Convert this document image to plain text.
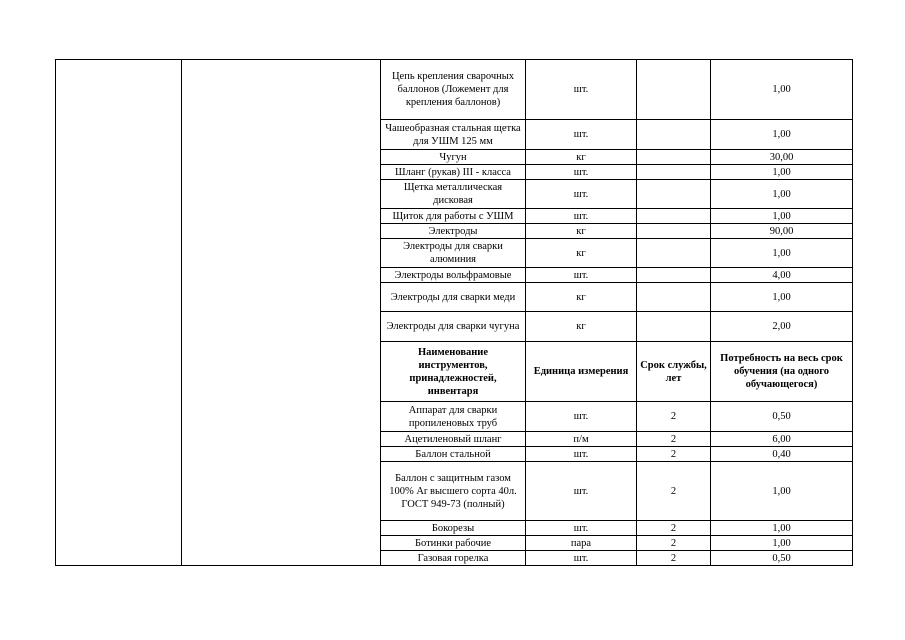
		Цепь крепления сварочных баллонов (Ложемент для крепления баллонов)	шт.		1,00
		Чашеобразная стальная щетка для УШМ 125 мм	шт.		1,00
		Чугун	кг		30,00
		Шланг (рукав) III - класса	шт.		1,00
		Щетка металлическая дисковая	шт.		1,00
		Щиток для работы с УШМ	шт.		1,00
		Электроды	кг		90,00
		Электроды для сварки алюминия	кг		1,00
		Электроды вольфрамовые	шт.		4,00
		Электроды для сварки меди	кг		1,00
		Электроды для сварки чугуна	кг		2,00
		Наименование инструментов, принадлежностей, инвентаря	Единица измерения	Срок службы, лет	Потребность на весь срок обучения (на одного обучающегося)
		Аппарат для сварки пропиленовых труб	шт.	2	0,50
		Ацетиленовый шланг	п/м	2	6,00
		Баллон стальной	шт.	2	0,40
		Баллон с защитным газом 100% Ar высшего сорта 40л. ГОСТ 949-73 (полный)	шт.	2	1,00
		Бокорезы	шт.	2	1,00
		Ботинки рабочие	пара	2	1,00
		Газовая горелка	шт.	2	0,50
